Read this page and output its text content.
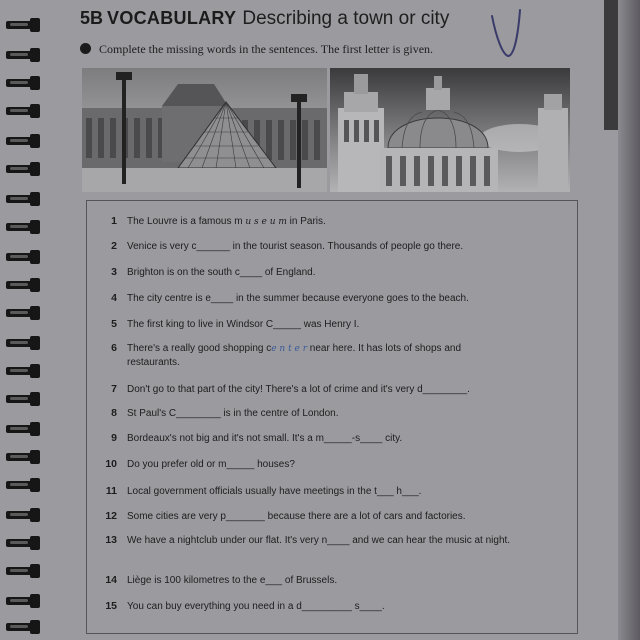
5B VOCABULARY Describing a town or city
Complete the missing words in the sentences. The first letter is given.
1 The Louvre is a famous m u s e u m in Paris.
2 Venice is very c______ in the tourist season. Thousands of people go there.
3 Brighton is on the south c____ of England.
4 The city centre is e____ in the summer because everyone goes to the beach.
5 The first king to live in Windsor C_____ was Henry I.
6 There's a really good shopping ce n t e r near here. It has lots of shops and restaurants.
7 Don't go to that part of the city! There's a lot of crime and it's very d________.
8 St Paul's C________ is in the centre of London.
9 Bordeaux's not big and it's not small. It's a m_____-s____ city.
10 Do you prefer old or m_____ houses?
11 Local government officials usually have meetings in the t___ h___.
12 Some cities are very p_______ because there are a lot of cars and factories.
13 We have a nightclub under our flat. It's very n____ and we can hear the music at night.
14 Liège is 100 kilometres to the e___ of Brussels.
15 You can buy everything you need in a d_________ s____.
